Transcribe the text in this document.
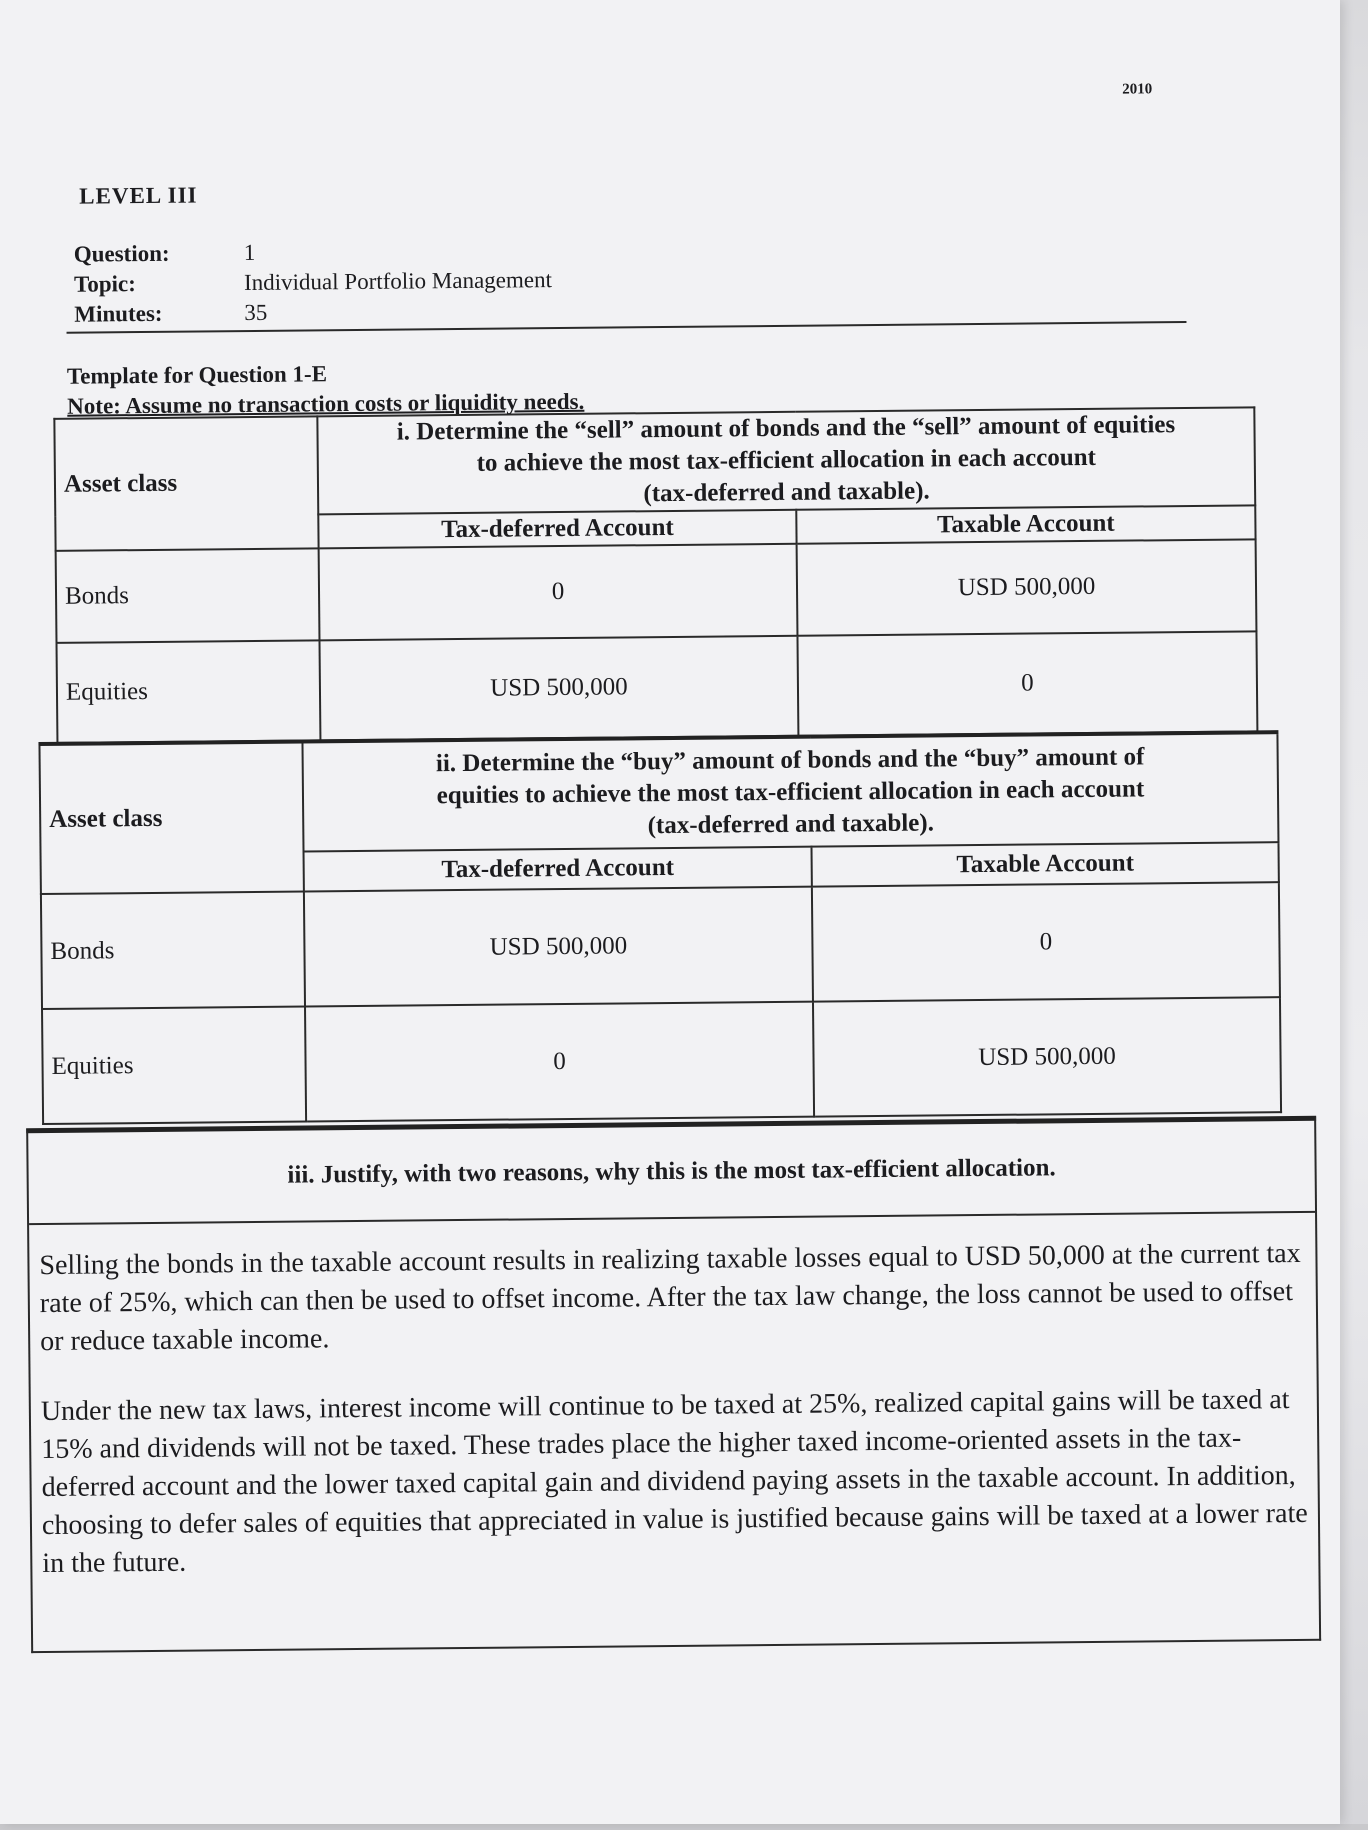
2010
LEVEL III
Question:	1
Topic:	Individual Portfolio Management
Minutes:	35
Template for Question 1-E
Note: Assume no transaction costs or liquidity needs.
Asset class	i. Determine the “sell” amount of bonds and the “sell” amount of equities
to achieve the most tax-efficient allocation in each account
(tax-deferred and taxable).	

	Tax-deferred Account	Taxable Account
Bonds	0	USD 500,000
Equities	USD 500,000	0
Asset class	ii. Determine the “buy” amount of bonds and the “buy” amount of
equities to achieve the most tax-efficient allocation in each account
(tax-deferred and taxable).	

	Tax-deferred Account	Taxable Account
Bonds	USD 500,000	0
Equities	0	USD 500,000
iii. Justify, with two reasons, why this is the most tax-efficient allocation.

Selling the bonds in the taxable account results in realizing taxable losses equal to USD 50,000 at the current tax rate of 25%, which can then be used to offset income. After the tax law change, the loss cannot be used to offset or reduce taxable income.

Under the new tax laws, interest income will continue to be taxed at 25%, realized capital gains will be taxed at 15% and dividends will not be taxed. These trades place the higher taxed income-oriented assets in the tax-deferred account and the lower taxed capital gain and dividend paying assets in the taxable account. In addition, choosing to defer sales of equities that appreciated in value is justified because gains will be taxed at a lower rate in the future.
